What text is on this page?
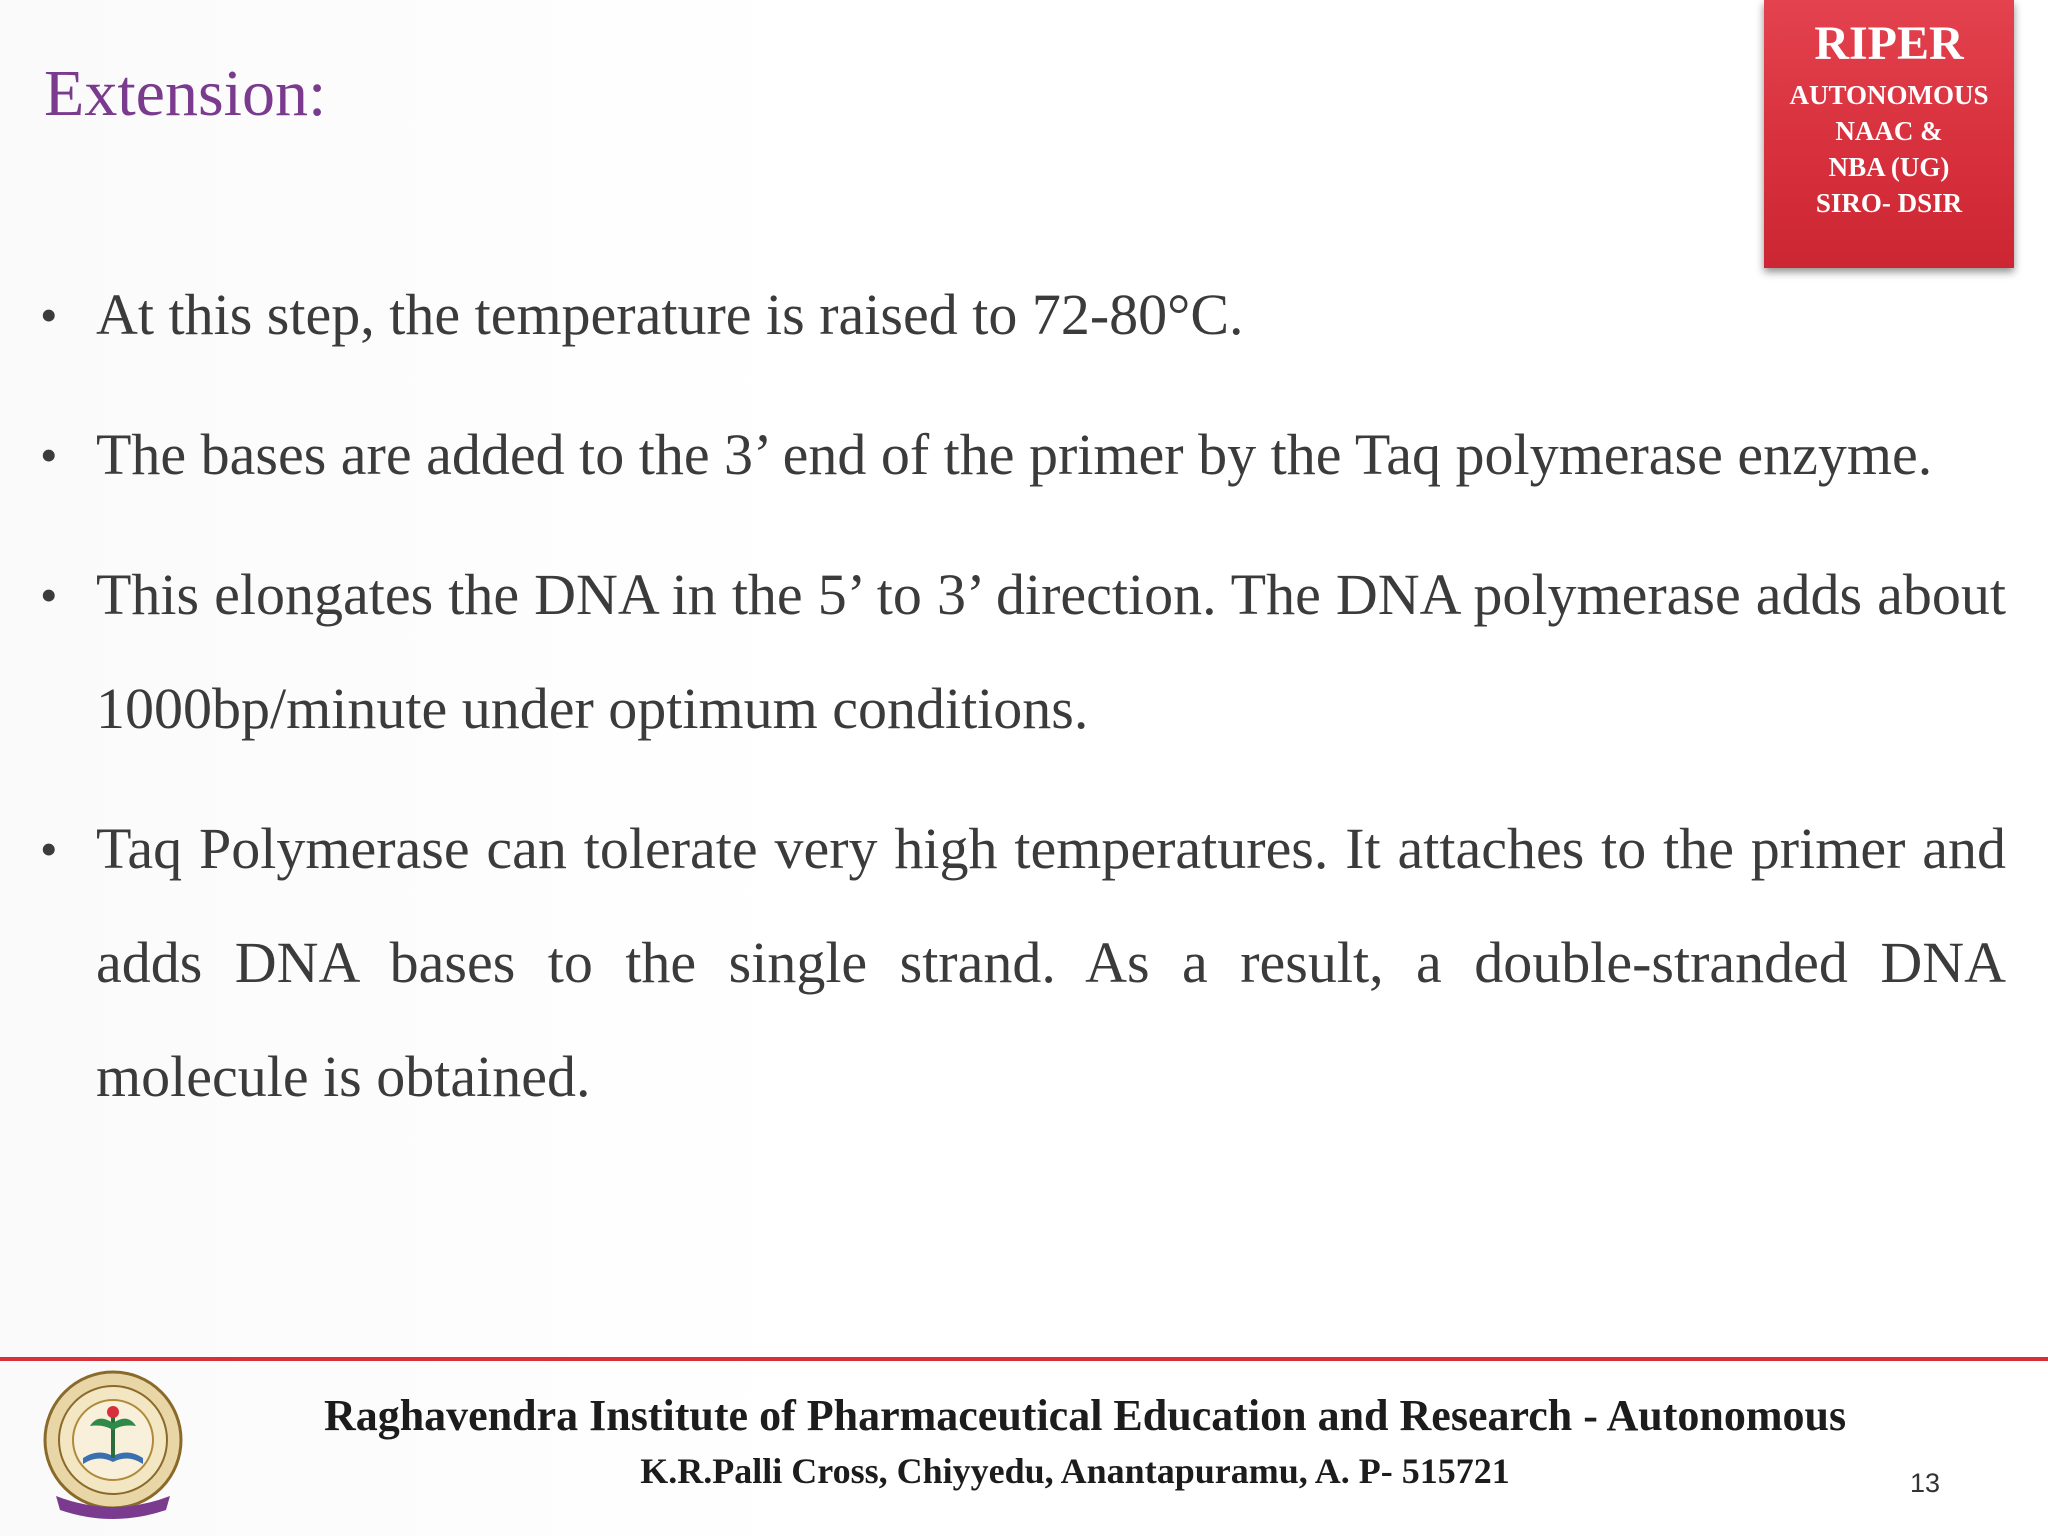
Extension:
RIPER
AUTONOMOUS
NAAC &
NBA (UG)
SIRO- DSIR
• At this step, the temperature is raised to 72-80°C.
• The bases are added to the 3’ end of the primer by the Taq polymerase enzyme.
• This elongates the DNA in the 5’ to 3’ direction. The DNA polymerase adds about 1000bp/minute under optimum conditions.
• Taq Polymerase can tolerate very high temperatures. It attaches to the primer and adds DNA bases to the single strand. As a result, a double-stranded DNA molecule is obtained.
Raghavendra Institute of Pharmaceutical Education and Research - Autonomous
K.R.Palli Cross, Chiyyedu, Anantapuramu, A. P- 515721	13
